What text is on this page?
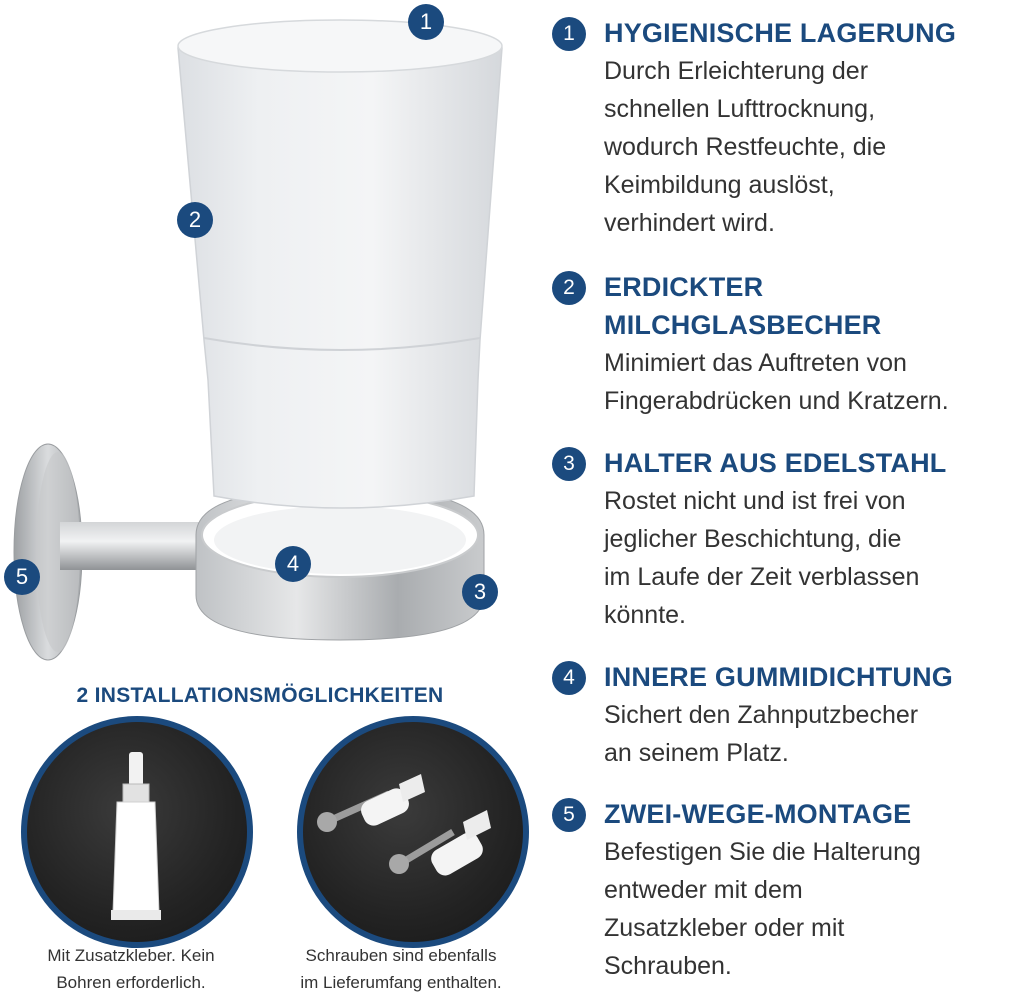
1
2
3
4
5
1	HYGIENISCHE LAGERUNG
Durch Erleichterung der
schnellen Lufttrocknung,
wodurch Restfeuchte, die
Keimbildung auslöst,
verhindert wird.
2	ERDICKTER
MILCHGLASBECHER
Minimiert das Auftreten von
Fingerabdrücken und Kratzern.
3	HALTER AUS EDELSTAHL
Rostet nicht und ist frei von
jeglicher Beschichtung, die
im Laufe der Zeit verblassen
könnte.
4	INNERE GUMMIDICHTUNG
Sichert den Zahnputzbecher
an seinem Platz.
5	ZWEI-WEGE-MONTAGE
Befestigen Sie die Halterung
entweder mit dem
Zusatzkleber oder mit
Schrauben.
2 INSTALLATIONSMÖGLICHKEITEN
Mit Zusatzkleber. Kein
Bohren erforderlich.
Schrauben sind ebenfalls
im Lieferumfang enthalten.
